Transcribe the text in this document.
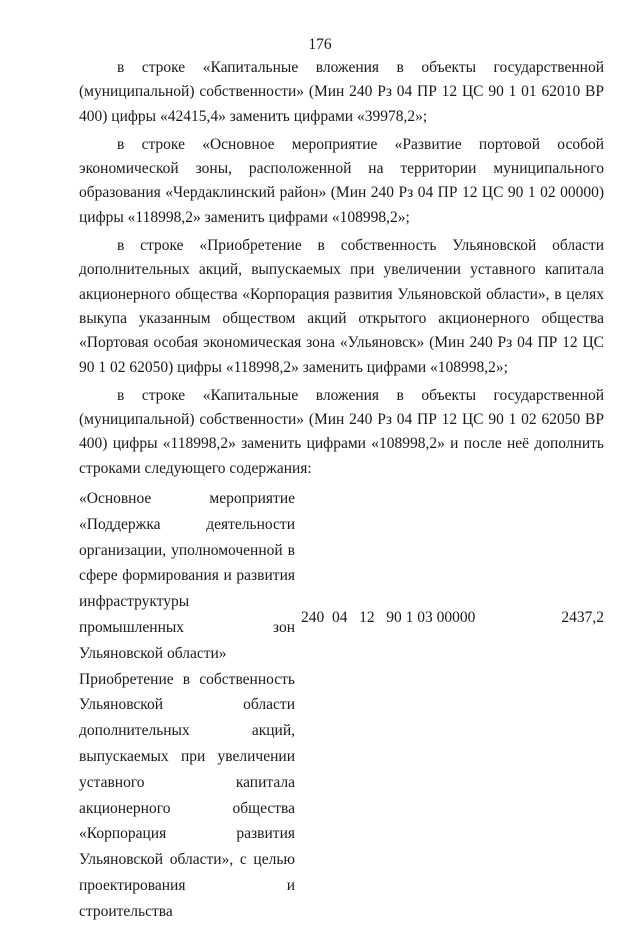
176

в строке «Капитальные вложения в объекты государственной (муниципальной) собственности» (Мин 240 Рз 04 ПР 12 ЦС 90 1 01 62010 ВР 400) цифры «42415,4» заменить цифрами «39978,2»;

в строке «Основное мероприятие «Развитие портовой особой экономической зоны, расположенной на территории муниципального образования «Чердаклинский район» (Мин 240 Рз 04 ПР 12 ЦС 90 1 02 00000) цифры «118998,2» заменить цифрами «108998,2»;

в строке «Приобретение в собственность Ульяновской области дополнительных акций, выпускаемых при увеличении уставного капитала акционерного общества «Корпорация развития Ульяновской области», в целях выкупа указанным обществом акций открытого акционерного общества «Портовая особая экономическая зона «Ульяновск» (Мин 240 Рз 04 ПР 12 ЦС 90 1 02 62050) цифры «118998,2» заменить цифрами «108998,2»;

в строке «Капитальные вложения в объекты государственной (муниципальной) собственности» (Мин 240 Рз 04 ПР 12 ЦС 90 1 02 62050 ВР 400) цифры «118998,2» заменить цифрами «108998,2» и после неё дополнить строками следующего содержания:

«Основное мероприятие «Поддержка деятельности организации, уполномоченной в сфере формирования и развития инфраструктуры промышленных зон Ульяновской области»

Приобретение в собственность Ульяновской области дополнительных акций, выпускаемых при увеличении уставного капитала акционерного общества «Корпорация развития Ульяновской области», с целью проектирования и строительства

240  04   12   90 1 03 00000	2437,2
